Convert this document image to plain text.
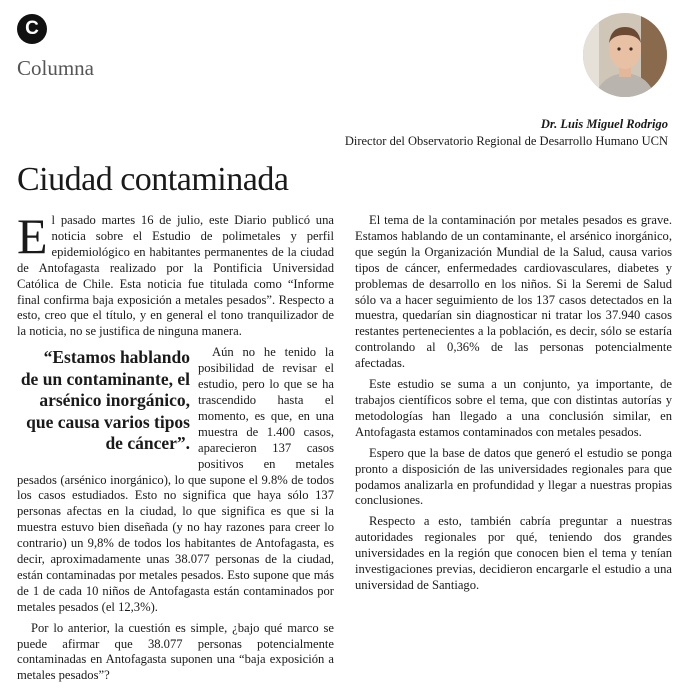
C
Columna
Dr. Luis Miguel Rodrigo
Director del Observatorio Regional de Desarrollo Humano UCN
Ciudad contaminada

El pasado martes 16 de julio, este Diario publicó una noticia sobre el Estudio de polimetales y perfil epidemiológico en habitantes permanentes de la ciudad de Antofagasta realizado por la Pontificia Universidad Católica de Chile. Esta noticia fue titulada como “Informe final confirma baja exposición a metales pesados”. Respecto a esto, creo que el título, y en general el tono tranquilizador de la noticia, no se justifica de ninguna manera.

“Estamos hablando de un contaminante, el arsénico inorgánico, que causa varios tipos de cáncer”.
Aún no he tenido la posibilidad de revisar el estudio, pero lo que se ha trascendido hasta el momento, es que, en una muestra de 1.400 casos, aparecieron 137 casos positivos en metales pesados (arsénico inorgánico), lo que supone el 9.8% de todos los casos estudiados. Esto no significa que haya sólo 137 personas afectas en la ciudad, lo que significa es que si la muestra estuvo bien diseñada (y no hay razones para creer lo contrario) un 9,8% de todos los habitantes de Antofagasta, es decir, aproximadamente unas 38.077 personas de la ciudad, están contaminadas por metales pesados. Esto supone que más de 1 de cada 10 niños de Antofagasta están contaminados por metales pesados (el 12,3%).

Por lo anterior, la cuestión es simple, ¿bajo qué marco se puede afirmar que 38.077 personas potencialmente contaminadas en Antofagasta suponen una “baja exposición a metales pesados”?

El tema de la contaminación por metales pesados es grave. Estamos hablando de un contaminante, el arsénico inorgánico, que según la Organización Mundial de la Salud, causa varios tipos de cáncer, enfermedades cardiovasculares, diabetes y problemas de desarrollo en los niños. Si la Seremi de Salud sólo va a hacer seguimiento de los 137 casos detectados en la muestra, quedarían sin diagnosticar ni tratar los 37.940 casos restantes pertenecientes a la población, es decir, sólo se estaría controlando al 0,36% de las personas potencialmente afectadas.

Este estudio se suma a un conjunto, ya importante, de trabajos científicos sobre el tema, que con distintas autorías y metodologías han llegado a una conclusión similar, en Antofagasta estamos contaminados con metales pesados.

Espero que la base de datos que generó el estudio se ponga pronto a disposición de las universidades regionales para que podamos analizarla en profundidad y llegar a nuestras propias conclusiones.

Respecto a esto, también cabría preguntar a nuestras autoridades regionales por qué, teniendo dos grandes universidades en la región que conocen bien el tema y tenían investigaciones previas, decidieron encargarle el estudio a una universidad de Santiago.
